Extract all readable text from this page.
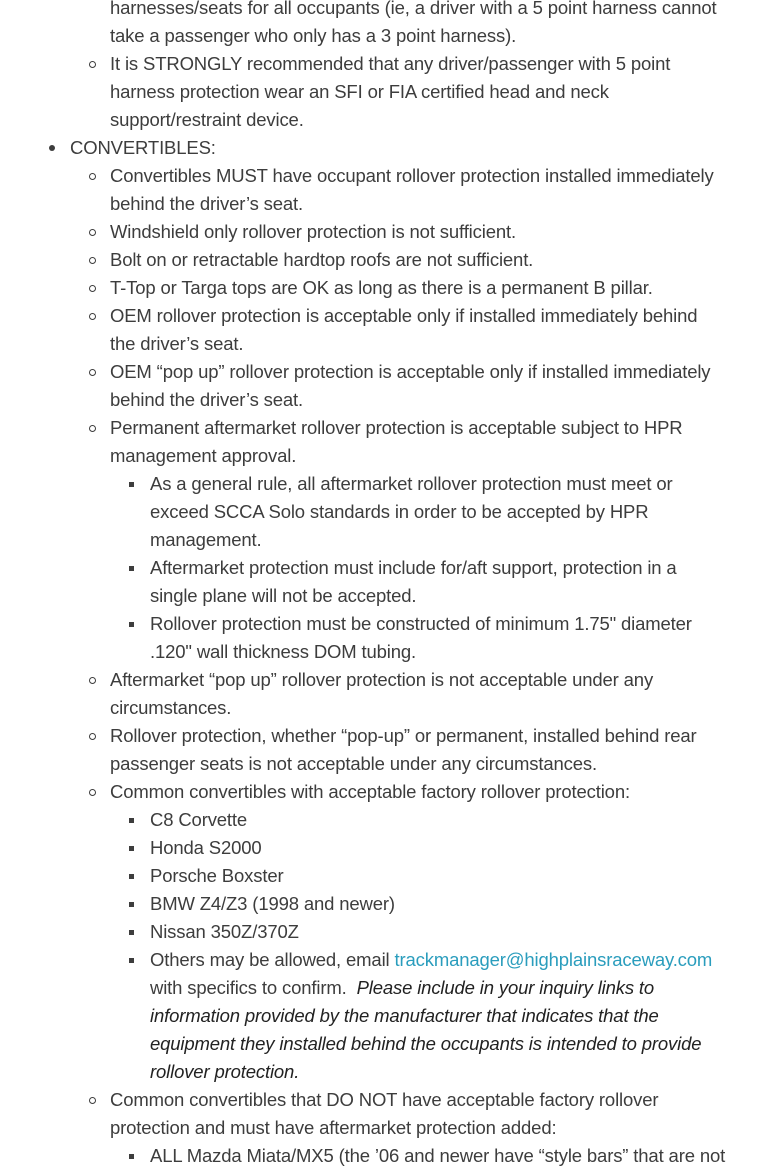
harnesses/seats for all occupants (ie, a driver with a 5 point harness cannot
take a passenger who only has a 3 point harness).
It is STRONGLY recommended that any driver/passenger with 5 point
harness protection wear an SFI or FIA certified head and neck
support/restraint device.
CONVERTIBLES:
Convertibles MUST have occupant rollover protection installed immediately
behind the driver’s seat.
Windshield only rollover protection is not sufficient.
Bolt on or retractable hardtop roofs are not sufficient.
T-Top or Targa tops are OK as long as there is a permanent B pillar.
OEM rollover protection is acceptable only if installed immediately behind
the driver’s seat.
OEM “pop up” rollover protection is acceptable only if installed immediately
behind the driver’s seat.
Permanent aftermarket rollover protection is acceptable subject to HPR
management approval.
As a general rule, all aftermarket rollover protection must meet or
exceed SCCA Solo standards in order to be accepted by HPR
management.
Aftermarket protection must include for/aft support, protection in a
single plane will not be accepted.
Rollover protection must be constructed of minimum 1.75" diameter
.120" wall thickness DOM tubing.
Aftermarket “pop up” rollover protection is not acceptable under any
circumstances.
Rollover protection, whether “pop-up” or permanent, installed behind rear
passenger seats is not acceptable under any circumstances.
Common convertibles with acceptable factory rollover protection:
C8 Corvette
Honda S2000
Porsche Boxster
BMW Z4/Z3 (1998 and newer)
Nissan 350Z/370Z
Others may be allowed, email trackmanager@highplainsraceway.com
with specifics to confirm.  Please include in your inquiry links to
information provided by the manufacturer that indicates that the
equipment they installed behind the occupants is intended to provide
rollover protection.
Common convertibles that DO NOT have acceptable factory rollover
protection and must have aftermarket protection added:
ALL Mazda Miata/MX5 (the ’06 and newer have “style bars” that are not
